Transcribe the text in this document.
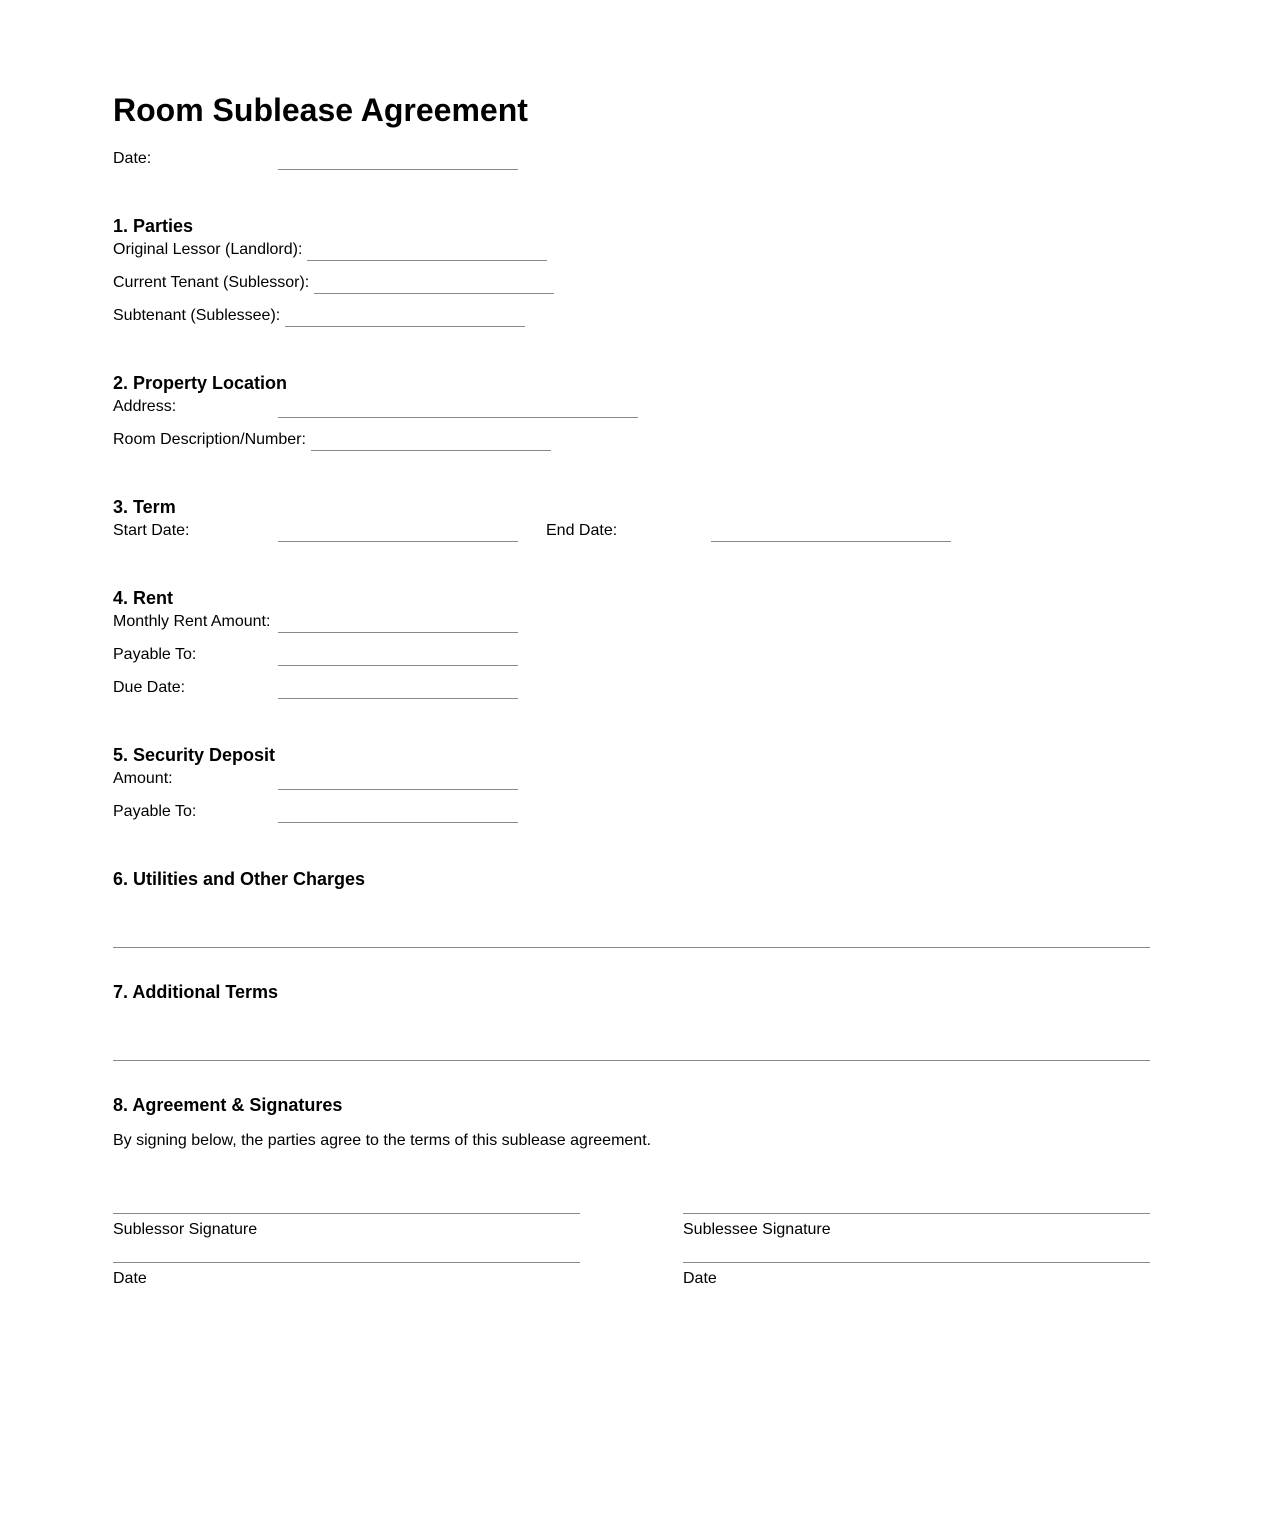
Room Sublease Agreement
Date:
1. Parties
Original Lessor (Landlord):
Current Tenant (Sublessor):
Subtenant (Sublessee):
2. Property Location
Address:
Room Description/Number:
3. Term
Start Date:	End Date:
4. Rent
Monthly Rent Amount:
Payable To:
Due Date:
5. Security Deposit
Amount:
Payable To:
6. Utilities and Other Charges
7. Additional Terms
8. Agreement & Signatures
By signing below, the parties agree to the terms of this sublease agreement.
Sublessor Signature
Date
Sublessee Signature
Date
